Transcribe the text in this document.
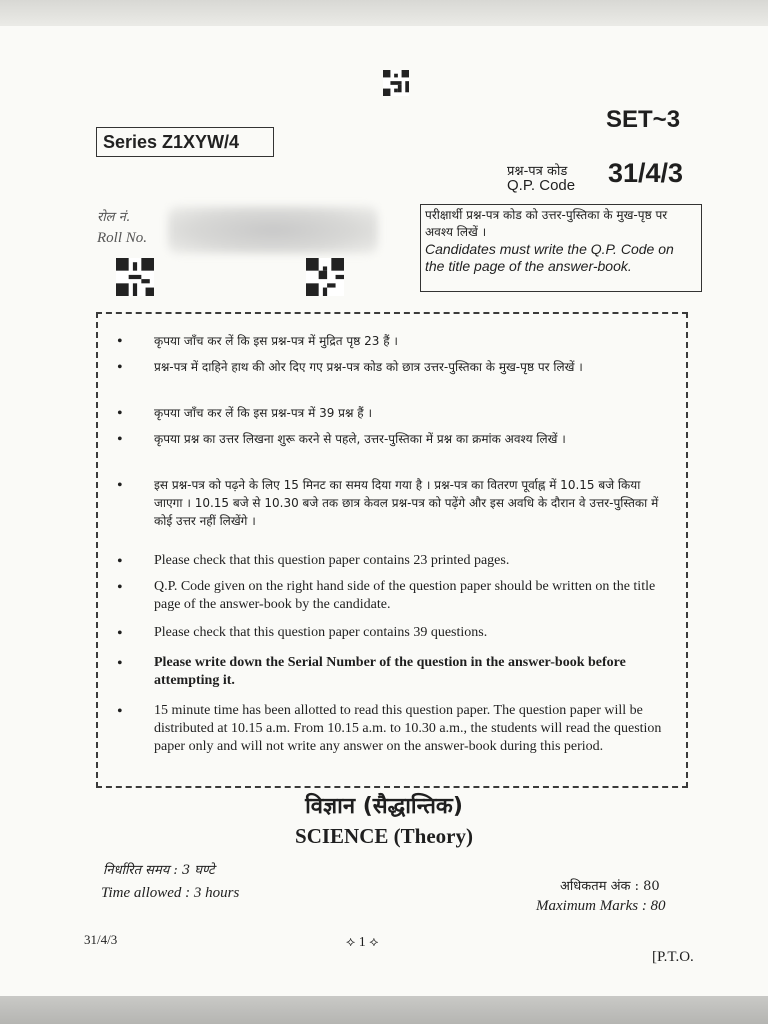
Series Z1XYW/4
SET~3
प्रश्न-पत्र कोड
Q.P. Code 31/4/3
रोल नं.
Roll No.
परीक्षार्थी प्रश्न-पत्र कोड को उत्तर-पुस्तिका के मुख-पृष्ठ पर अवश्य लिखें ।
Candidates must write the Q.P. Code on the title page of the answer-book.
•	कृपया जाँच कर लें कि इस प्रश्न-पत्र में मुद्रित पृष्ठ 23 हैं ।
•	प्रश्न-पत्र में दाहिने हाथ की ओर दिए गए प्रश्न-पत्र कोड को छात्र उत्तर-पुस्तिका के मुख-पृष्ठ पर लिखें ।
•	कृपया जाँच कर लें कि इस प्रश्न-पत्र में 39 प्रश्न हैं ।
•	कृपया प्रश्न का उत्तर लिखना शुरू करने से पहले, उत्तर-पुस्तिका में प्रश्न का क्रमांक अवश्य लिखें ।
•	इस प्रश्न-पत्र को पढ़ने के लिए 15 मिनट का समय दिया गया है । प्रश्न-पत्र का वितरण पूर्वाह्न में 10.15 बजे किया जाएगा । 10.15 बजे से 10.30 बजे तक छात्र केवल प्रश्न-पत्र को पढ़ेंगे और इस अवधि के दौरान वे उत्तर-पुस्तिका में कोई उत्तर नहीं लिखेंगे ।
• Please check that this question paper contains 23 printed pages.
• Q.P. Code given on the right hand side of the question paper should be written on the title page of the answer-book by the candidate.
• Please check that this question paper contains 39 questions.
• Please write down the Serial Number of the question in the answer-book before attempting it.
• 15 minute time has been allotted to read this question paper. The question paper will be distributed at 10.15 a.m. From 10.15 a.m. to 10.30 a.m., the students will read the question paper only and will not write any answer on the answer-book during this period.
विज्ञान (सैद्धान्तिक)
SCIENCE (Theory)
निर्धारित समय : 3 घण्टे
Time allowed : 3 hours	अधिकतम अंक : 80
Maximum Marks : 80
31/4/3	⟡ 1 ⟡
[P.T.O.
